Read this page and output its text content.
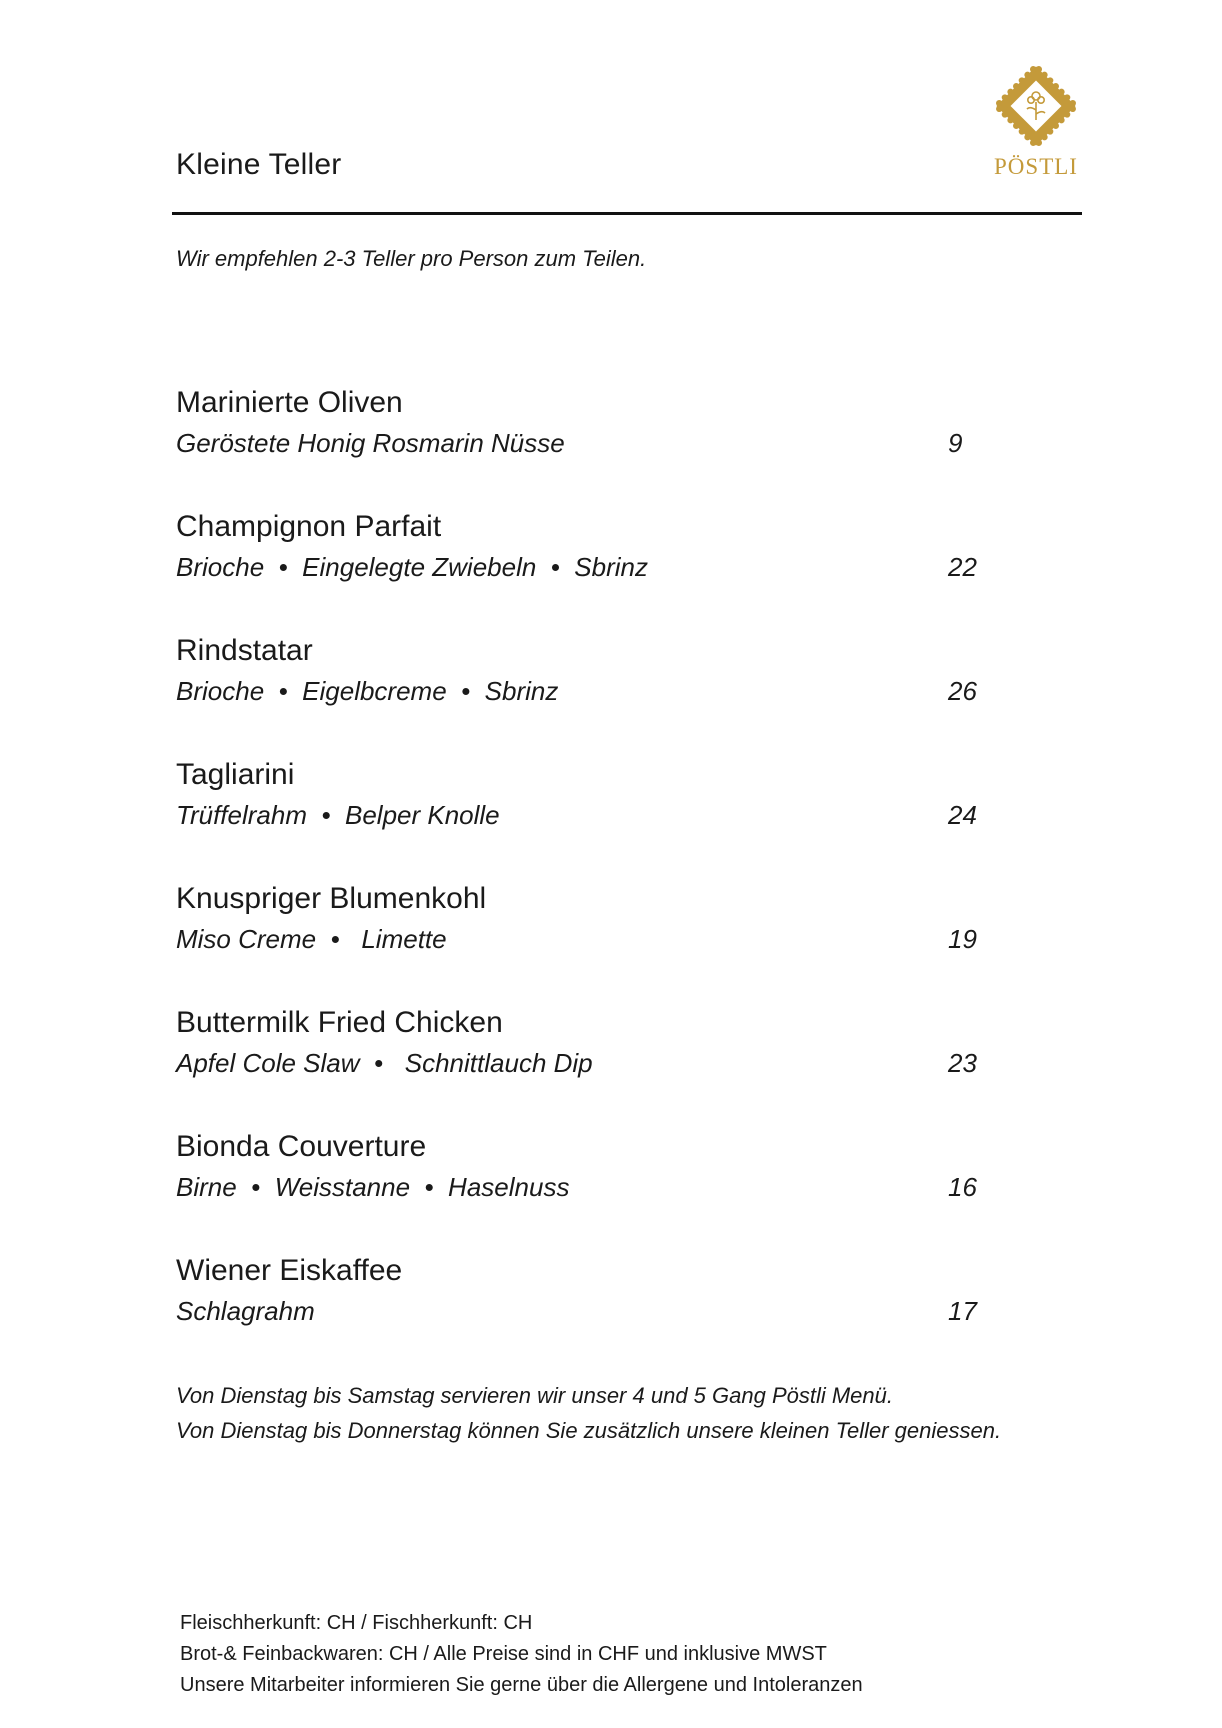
Kleine Teller	PÖSTLI
Wir empfehlen 2-3 Teller pro Person zum Teilen.
Marinierte Oliven
Geröstete Honig Rosmarin Nüsse	9
Champignon Parfait
Brioche  •  Eingelegte Zwiebeln  •  Sbrinz	22
Rindstatar
Brioche  •  Eigelbcreme  •  Sbrinz	26
Tagliarini
Trüffelrahm  •  Belper Knolle	24
Knuspriger Blumenkohl
Miso Creme  •   Limette	19
Buttermilk Fried Chicken
Apfel Cole Slaw  •   Schnittlauch Dip	23
Bionda Couverture
Birne  •  Weisstanne  •  Haselnuss	16
Wiener Eiskaffee
Schlagrahm	17
Von Dienstag bis Samstag servieren wir unser 4 und 5 Gang Pöstli Menü.
Von Dienstag bis Donnerstag können Sie zusätzlich unsere kleinen Teller geniessen.
Fleischherkunft: CH / Fischherkunft: CH
Brot-& Feinbackwaren: CH / Alle Preise sind in CHF und inklusive MWST
Unsere Mitarbeiter informieren Sie gerne über die Allergene und Intoleranzen
